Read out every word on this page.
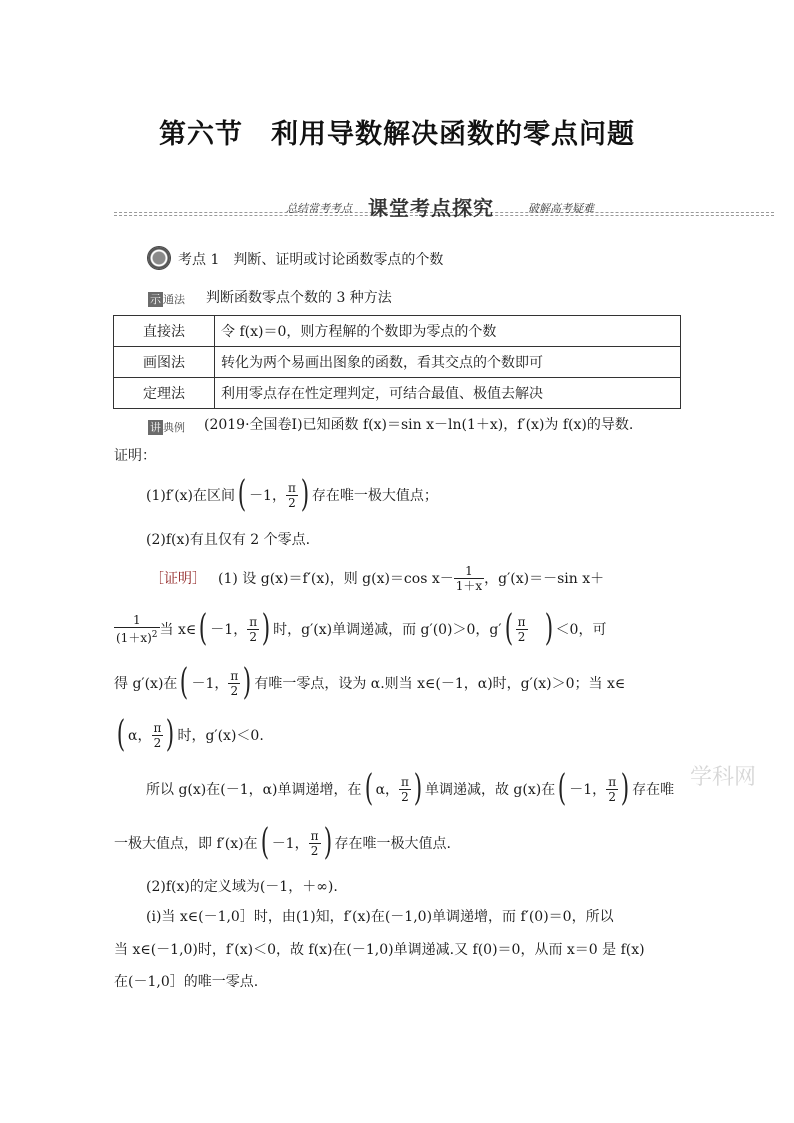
第六节　利用导数解决函数的零点问题
总结常考考点 课堂考点探究	破解高考疑难
考点 1　判断、证明或讨论函数零点的个数
示 通法 判断函数零点个数的 3 种方法
直接法	令 f(x)＝0，则方程解的个数即为零点的个数
画图法	转化为两个易画出图象的函数，看其交点的个数即可
定理法	利用零点存在性定理判定，可结合最值、极值去解决
讲 典例 (2019·全国卷Ⅰ)已知函数 f(x)＝sin x－ln(1＋x)，f′(x)为 f(x)的导数.
证明：
(1)f′(x)在区间 ( －1， $\frac{\pi}{2}$ ) 存在唯一极大值点；
(2)f(x)有且仅有 2 个零点.
［证明］ (1) 设 g(x)＝f′(x)，则 g(x)＝cos $x- \frac{1}{1+x}$ ，g′(x)＝－sin x＋
$\frac{1}{(1+x)^2}$ 当 x∈ ( －1， $\frac{\pi}{2}$ ) 时，g′(x)单调递减，而 g′(0)＞0，g′ ( $\frac{\pi}{2}$ ) ＜0，可
得 g′(x)在 ( －1， $\frac{\pi}{2}$ ) 有唯一零点，设为 α.则当 x∈(－1，α)时，g′(x)＞0；当 x∈
( α， $\frac{\pi}{2}$ ) 时，g′(x)＜0.
学科网
所以 g(x)在(－1，α)单调递增，在 ( α， $\frac{\pi}{2}$ ) 单调递减，故 g(x)在 ( －1， $\frac{\pi}{2}$ ) 存在唯
一极大值点，即 f′(x)在 ( －1， $\frac{\pi}{2}$ ) 存在唯一极大值点.
(2)f(x)的定义域为(－1，＋∞).
(ⅰ)当 x∈(－1,0］时，由(1)知，f′(x)在(－1,0)单调递增，而 f′(0)＝0，所以
当 x∈(－1,0)时，f′(x)＜0，故 f(x)在(－1,0)单调递减.又 f(0)＝0，从而 x＝0 是 f(x)
在(－1,0］的唯一零点.
